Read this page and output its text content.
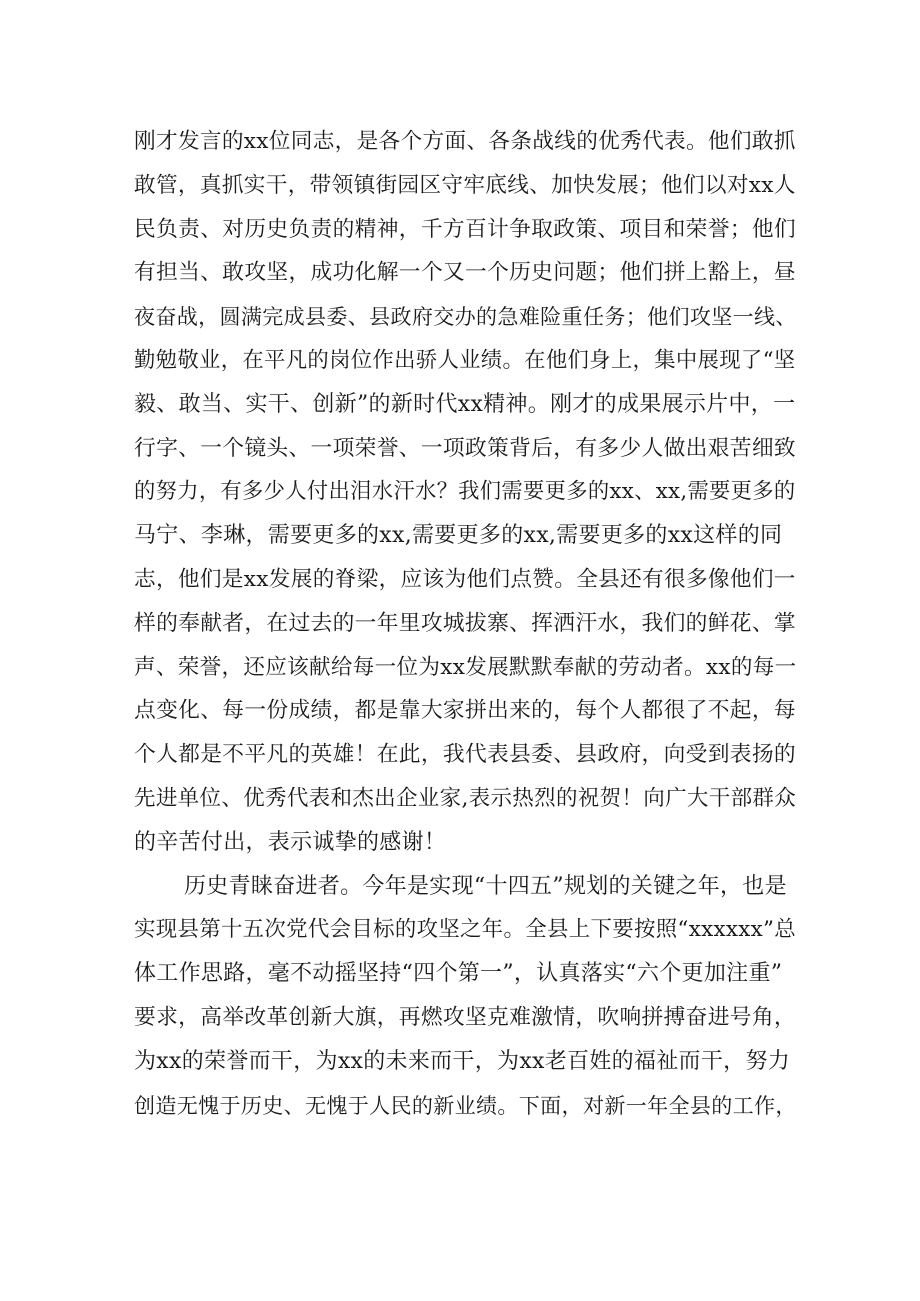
刚才发言的xx位同志，是各个方面、各条战线的优秀代表。他们敢抓
敢管，真抓实干，带领镇街园区守牢底线、加快发展；他们以对xx人
民负责、对历史负责的精神，千方百计争取政策、项目和荣誉；他们
有担当、敢攻坚，成功化解一个又一个历史问题；他们拼上豁上，昼
夜奋战，圆满完成县委、县政府交办的急难险重任务；他们攻坚一线、
勤勉敬业，在平凡的岗位作出骄人业绩。在他们身上，集中展现了“坚
毅、敢当、实干、创新”的新时代xx精神。刚才的成果展示片中，一
行字、一个镜头、一项荣誉、一项政策背后，有多少人做出艰苦细致
的努力，有多少人付出泪水汗水？我们需要更多的xx、xx,需要更多的
马宁、李琳，需要更多的xx,需要更多的xx,需要更多的xx这样的同
志，他们是xx发展的脊梁，应该为他们点赞。全县还有很多像他们一
样的奉献者，在过去的一年里攻城拔寨、挥洒汗水，我们的鲜花、掌
声、荣誉，还应该献给每一位为xx发展默默奉献的劳动者。xx的每一
点变化、每一份成绩，都是靠大家拼出来的，每个人都很了不起，每
个人都是不平凡的英雄！在此，我代表县委、县政府，向受到表扬的
先进单位、优秀代表和杰出企业家,表示热烈的祝贺！向广大干部群众
的辛苦付出，表示诚挚的感谢！
历史青睐奋进者。今年是实现“十四五”规划的关键之年，也是
实现县第十五次党代会目标的攻坚之年。全县上下要按照“xxxxxx”总
体工作思路，毫不动摇坚持“四个第一”，认真落实“六个更加注重”
要求，高举改革创新大旗，再燃攻坚克难激情，吹响拼搏奋进号角，
为xx的荣誉而干，为xx的未来而干，为xx老百姓的福祉而干，努力
创造无愧于历史、无愧于人民的新业绩。下面，对新一年全县的工作，
